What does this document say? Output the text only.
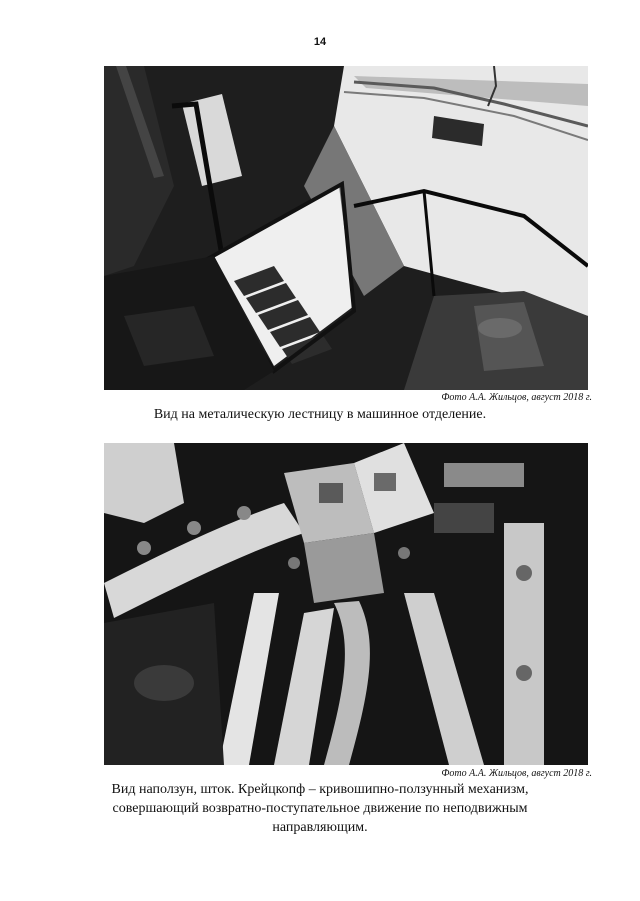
14
Фото А.А. Жильцов, август 2018 г.
Вид на металическую лестницу в машинное отделение.
Фото А.А. Жильцов, август 2018 г.
Вид наползун, шток. Крейцкопф – кривошипно-ползунный механизм,
совершающий возвратно-поступательное движение по неподвижным
направляющим.
